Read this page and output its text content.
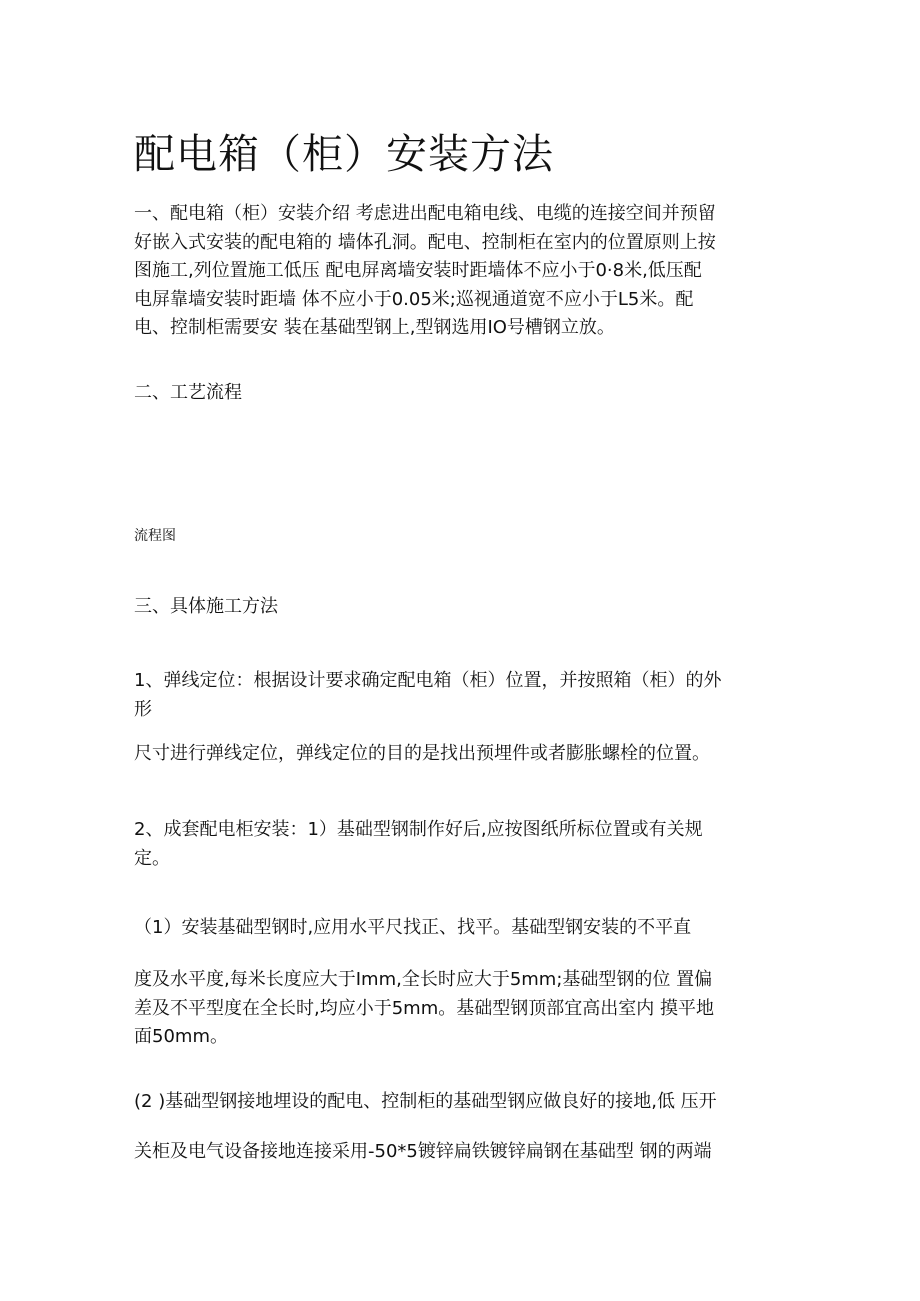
配电箱（柜）安装方法

一、配电箱（柜）安装介绍 考虑进出配电箱电线、电缆的连接空间并预留
好嵌入式安装的配电箱的 墙体孔洞。配电、控制柜在室内的位置原则上按
图施工,列位置施工低压 配电屏离墙安装时距墙体不应小于0·8米,低压配
电屏靠墙安装时距墙 体不应小于0.05米;巡视通道宽不应小于L5米。配
电、控制柜需要安 装在基础型钢上,型钢选用IO号槽钢立放。

二、工艺流程

流程图

三、具体施工方法

1、弹线定位：根据设计要求确定配电箱（柜）位置，并按照箱（柜）的外
形

尺寸进行弹线定位，弹线定位的目的是找出预埋件或者膨胀螺栓的位置。

2、成套配电柜安装：1）基础型钢制作好后,应按图纸所标位置或有关规
定。

（1）安装基础型钢时,应用水平尺找正、找平。基础型钢安装的不平直

度及水平度,每米长度应大于Imm,全长时应大于5mm;基础型钢的位 置偏
差及不平型度在全长时,均应小于5mm。基础型钢顶部宜高出室内 摸平地
面50mm。

(2 )基础型钢接地埋设的配电、控制柜的基础型钢应做良好的接地,低 压开

关柜及电气设备接地连接采用-50*5镀锌扁铁镀锌扁钢在基础型 钢的两端
